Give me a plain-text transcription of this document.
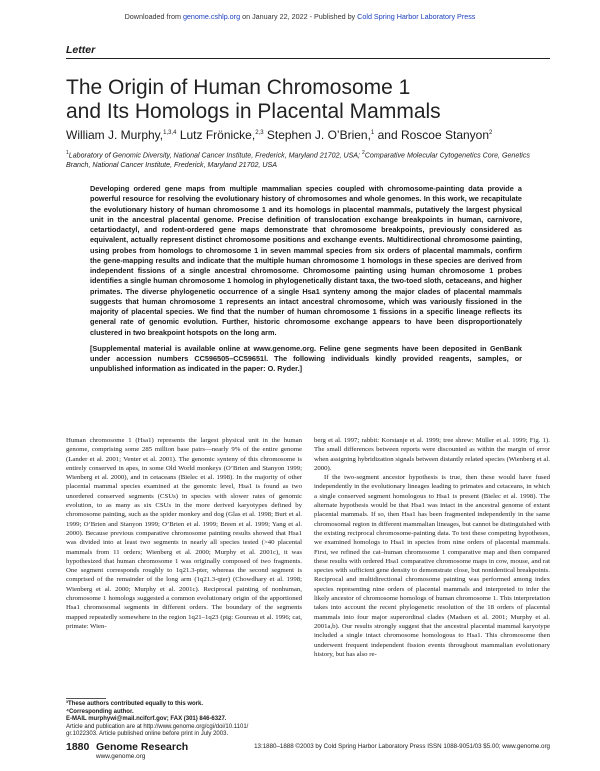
Downloaded from genome.cshlp.org on January 22, 2022 - Published by Cold Spring Harbor Laboratory Press
Letter
The Origin of Human Chromosome 1
and Its Homologs in Placental Mammals
William J. Murphy,$^{1,3,4}$ Lutz Frönicke,$^{2,3}$ Stephen J. O’Brien,$^1$ and Roscoe Stanyon$^2$
$^1$Laboratory of Genomic Diversity, National Cancer Institute, Frederick, Maryland 21702, USA; $^2$Comparative Molecular Cytogenetics Core, Genetics Branch, National Cancer Institute, Frederick, Maryland 21702, USA

Developing ordered gene maps from multiple mammalian species coupled with chromosome-painting data provide a powerful resource for resolving the evolutionary history of chromosomes and whole genomes. In this work, we recapitulate the evolutionary history of human chromosome 1 and its homologs in placental mammals, putatively the largest physical unit in the ancestral placental genome. Precise definition of translocation exchange breakpoints in human, carnivore, cetartiodactyl, and rodent-ordered gene maps demonstrate that chromosome breakpoints, previously considered as equivalent, actually represent distinct chromosome positions and exchange events. Multidirectional chromosome painting, using probes from homologs to chromosome 1 in seven mammal species from six orders of placental mammals, confirm the gene-mapping results and indicate that the multiple human chromosome 1 homologs in these species are derived from independent fissions of a single ancestral chromosome. Chromosome painting using human chromosome 1 probes identifies a single human chromosome 1 homolog in phylogenetically distant taxa, the two-toed sloth, cetaceans, and higher primates. The diverse phylogenetic occurrence of a single Hsa1 synteny among the major clades of placental mammals suggests that human chromosome 1 represents an intact ancestral chromosome, which was variously fissioned in the majority of placental species. We find that the number of human chromosome 1 fissions in a specific lineage reflects its general rate of genomic evolution. Further, historic chromosome exchange appears to have been disproportionately clustered in two breakpoint hotspots on the long arm.

[Supplemental material is available online at www.genome.org. Feline gene segments have been deposited in GenBank under accession numbers CC596505–CC59651l. The following individuals kindly provided reagents, samples, or unpublished information as indicated in the paper: O. Ryder.]

Human chromosome 1 (Hsa1) represents the largest physical unit in the human genome, comprising some 285 million base pairs—nearly 9% of the entire genome (Lander et al. 2001; Venter et al. 2001). The genomic synteny of this chromosome is entirely conserved in apes, in some Old World monkeys (O’Brien and Stanyon 1999; Wienberg et al. 2000), and in cetaceans (Bielec et al. 1998). In the majority of other placental mammal species examined at the genomic level, Hsa1 is found as two unordered conserved segments (CSUs) in species with slower rates of genomic evolution, to as many as six CSUs in the more derived karyotypes defined by chromosome painting, such as the spider monkey and dog (Glas et al. 1998; Burt et al. 1999; O’Brien and Stanyon 1999; O’Brien et al. 1999; Breen et al. 1999; Yang et al. 2000). Because previous comparative chromosome painting results showed that Hsa1 was divided into at least two segments in nearly all species tested (>40 placental mammals from 11 orders; Wienberg et al. 2000; Murphy et al. 2001c), it was hypothesized that human chromosome 1 was originally composed of two fragments. One segment corresponds roughly to 1q21.3-pter, whereas the second segment is comprised of the remainder of the long arm (1q21.3-qter) (Chowdhary et al. 1998; Wienberg et al. 2000; Murphy et al. 2001c). Reciprocal painting of nonhuman, chromosome 1 homologs suggested a common evolutionary origin of the apportioned Hsa1 chromosomal segments in different orders. The boundary of the segments mapped repeatedly somewhere in the region 1q21–1q23 (pig: Goureau et al. 1996; cat, primate: Wien-

berg et al. 1997; rabbit: Korstanje et al. 1999; tree shrew: Müller et al. 1999; Fig. 1). The small differences between reports were discounted as within the margin of error when assigning hybridization signals between distantly related species (Wienberg et al. 2000).

If the two-segment ancestor hypothesis is true, then these would have fused independently in the evolutionary lineages leading to primates and cetaceans, in which a single conserved segment homologous to Hsa1 is present (Bielec et al. 1998). The alternate hypothesis would be that Hsa1 was intact in the ancestral genome of extant placental mammals. If so, then Hsa1 has been fragmented independently in the same chromosomal region in different mammalian lineages, but cannot be distinguished with the existing reciprocal chromosome-painting data. To test these competing hypotheses, we examined homologs to Hsa1 in species from nine orders of placental mammals. First, we refined the cat–human chromosome 1 comparative map and then compared these results with ordered Hsa1 comparative chromosome maps in cow, mouse, and rat species with sufficient gene density to demonstrate close, but nonidentical breakpoints. Reciprocal and multidirectional chromosome painting was performed among index species representing nine orders of placental mammals and interpreted to infer the likely ancestor of chromosome homologs of human chromosome 1. This interpretation takes into account the recent phylogenetic resolution of the 18 orders of placental mammals into four major superordinal clades (Madsen et al. 2001; Murphy et al. 2001a,b). Our results strongly suggest that the ancestral placental mammal karyotype included a single intact chromosome homologous to Hsa1. This chromosome then underwent frequent independent fission events throughout mammalian evolutionary history, but has also re-

³These authors contributed equally to this work.
⁴Corresponding author.
E-MAIL murphywi@mail.ncifcrf.gov; FAX (301) 846-6327.
Article and publication are at http://www.genome.org/cgi/doi/10.1101/
gr.1022303. Article published online before print in July 2003.
1880 Genome Research
www.genome.org
13:1880–1888 ©2003 by Cold Spring Harbor Laboratory Press ISSN 1088-9051/03 $5.00; www.genome.org
